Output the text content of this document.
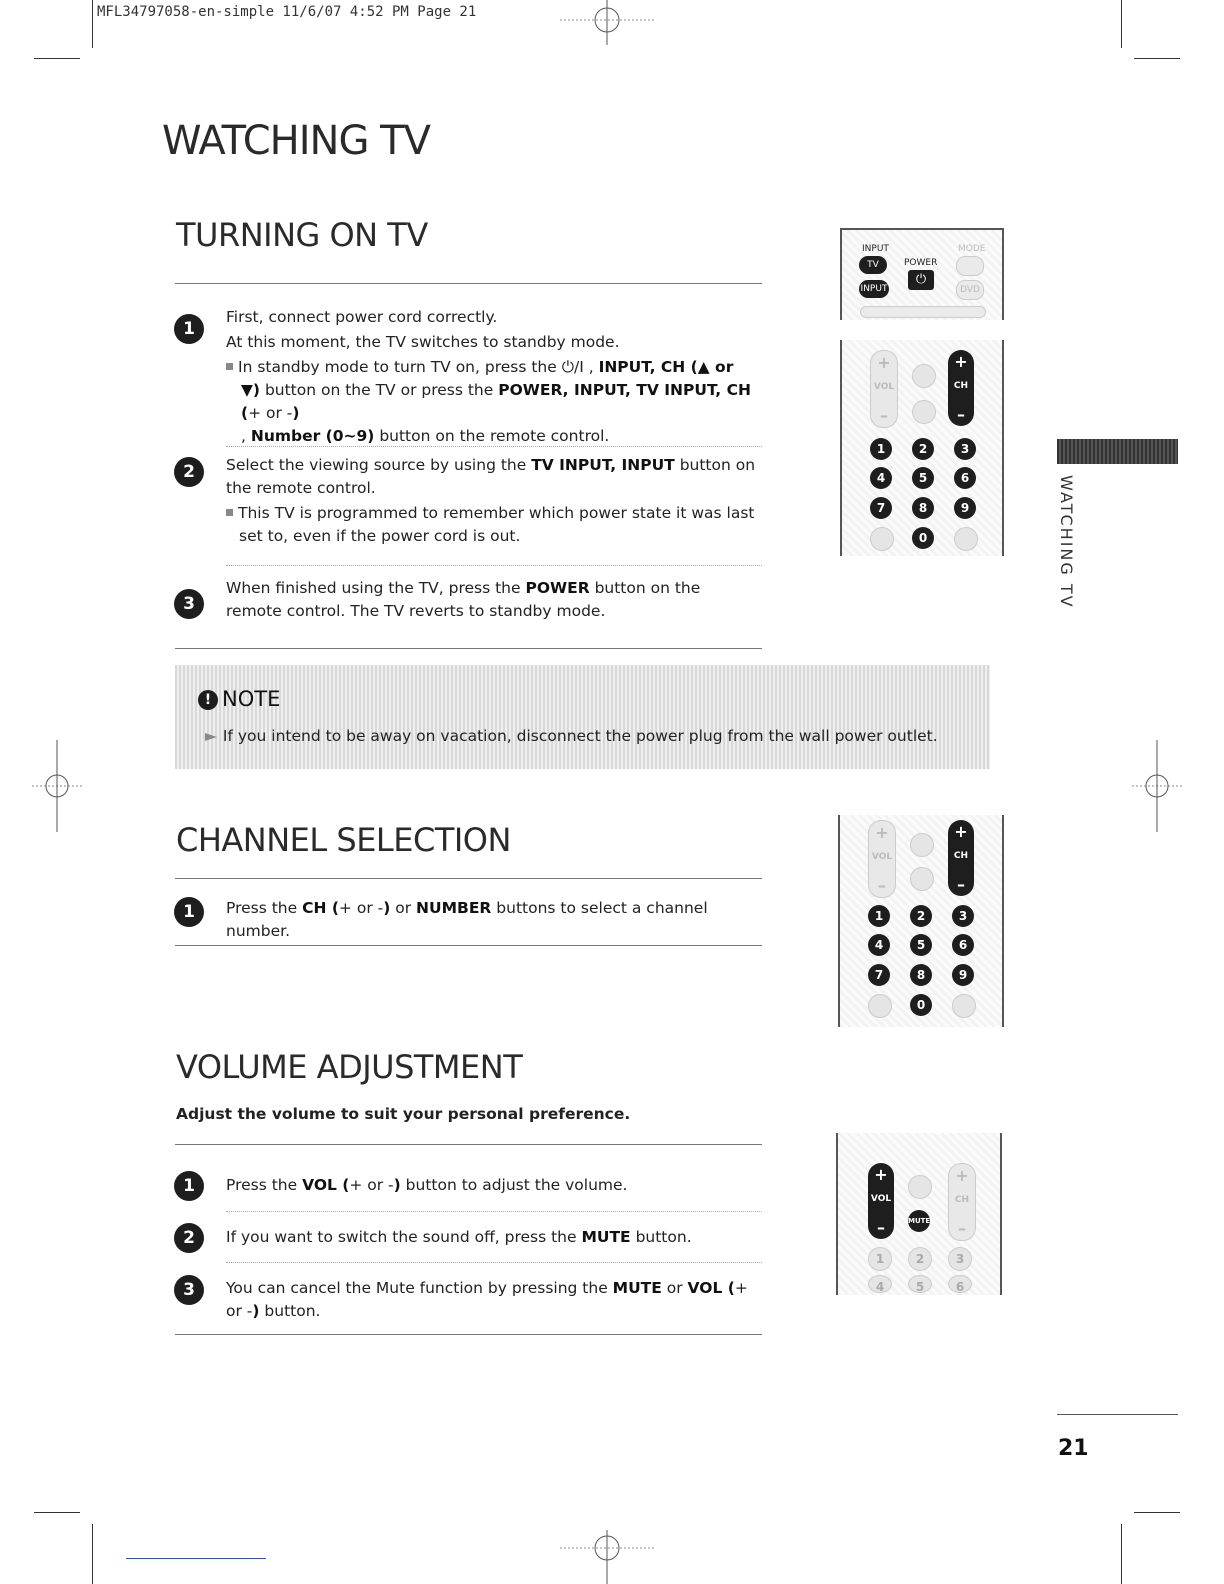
MFL34797058-en-simple 11/6/07 4:52 PM Page 21
WATCHING TV
WATCHING TV
TURNING ON TV
1
First, connect power cord correctly.
At this moment, the TV switches to standby mode.
In standby mode to turn TV on, press the ⏻/I , INPUT, CH (▲ or ▼) button on the TV or press the POWER, INPUT, TV INPUT, CH (+ or -)
, Number (0~9) button on the remote control.
2	Select the viewing source by using the TV INPUT, INPUT button on the remote control.
This TV is programmed to remember which power state it was last set to, even if the power cord is out.
3
When finished using the TV, press the POWER button on the remote control. The TV reverts to standby mode.
INPUT	MODE
TV	POWER
⏻
INPUT	DVD
+
VOL
–
+
CH
–
1	2	3
4	5	6
7	8	9
0
! NOTE
► If you intend to be away on vacation, disconnect the power plug from the wall power outlet.
CHANNEL SELECTION
1	Press the CH (+ or -) or NUMBER buttons to select a channel number.
+
VOL
–
+
CH
–
1	2	3
4	5	6
7	8	9
0
VOLUME ADJUSTMENT
Adjust the volume to suit your personal preference.
1	Press the VOL (+ or -) button to adjust the volume.
2	If you want to switch the sound off, press the MUTE button.
3	You can cancel the Mute function by pressing the MUTE or VOL (+ or -) button.
+
VOL
–	MUTE
+
CH
–
1	2	3
4	5	6
21
